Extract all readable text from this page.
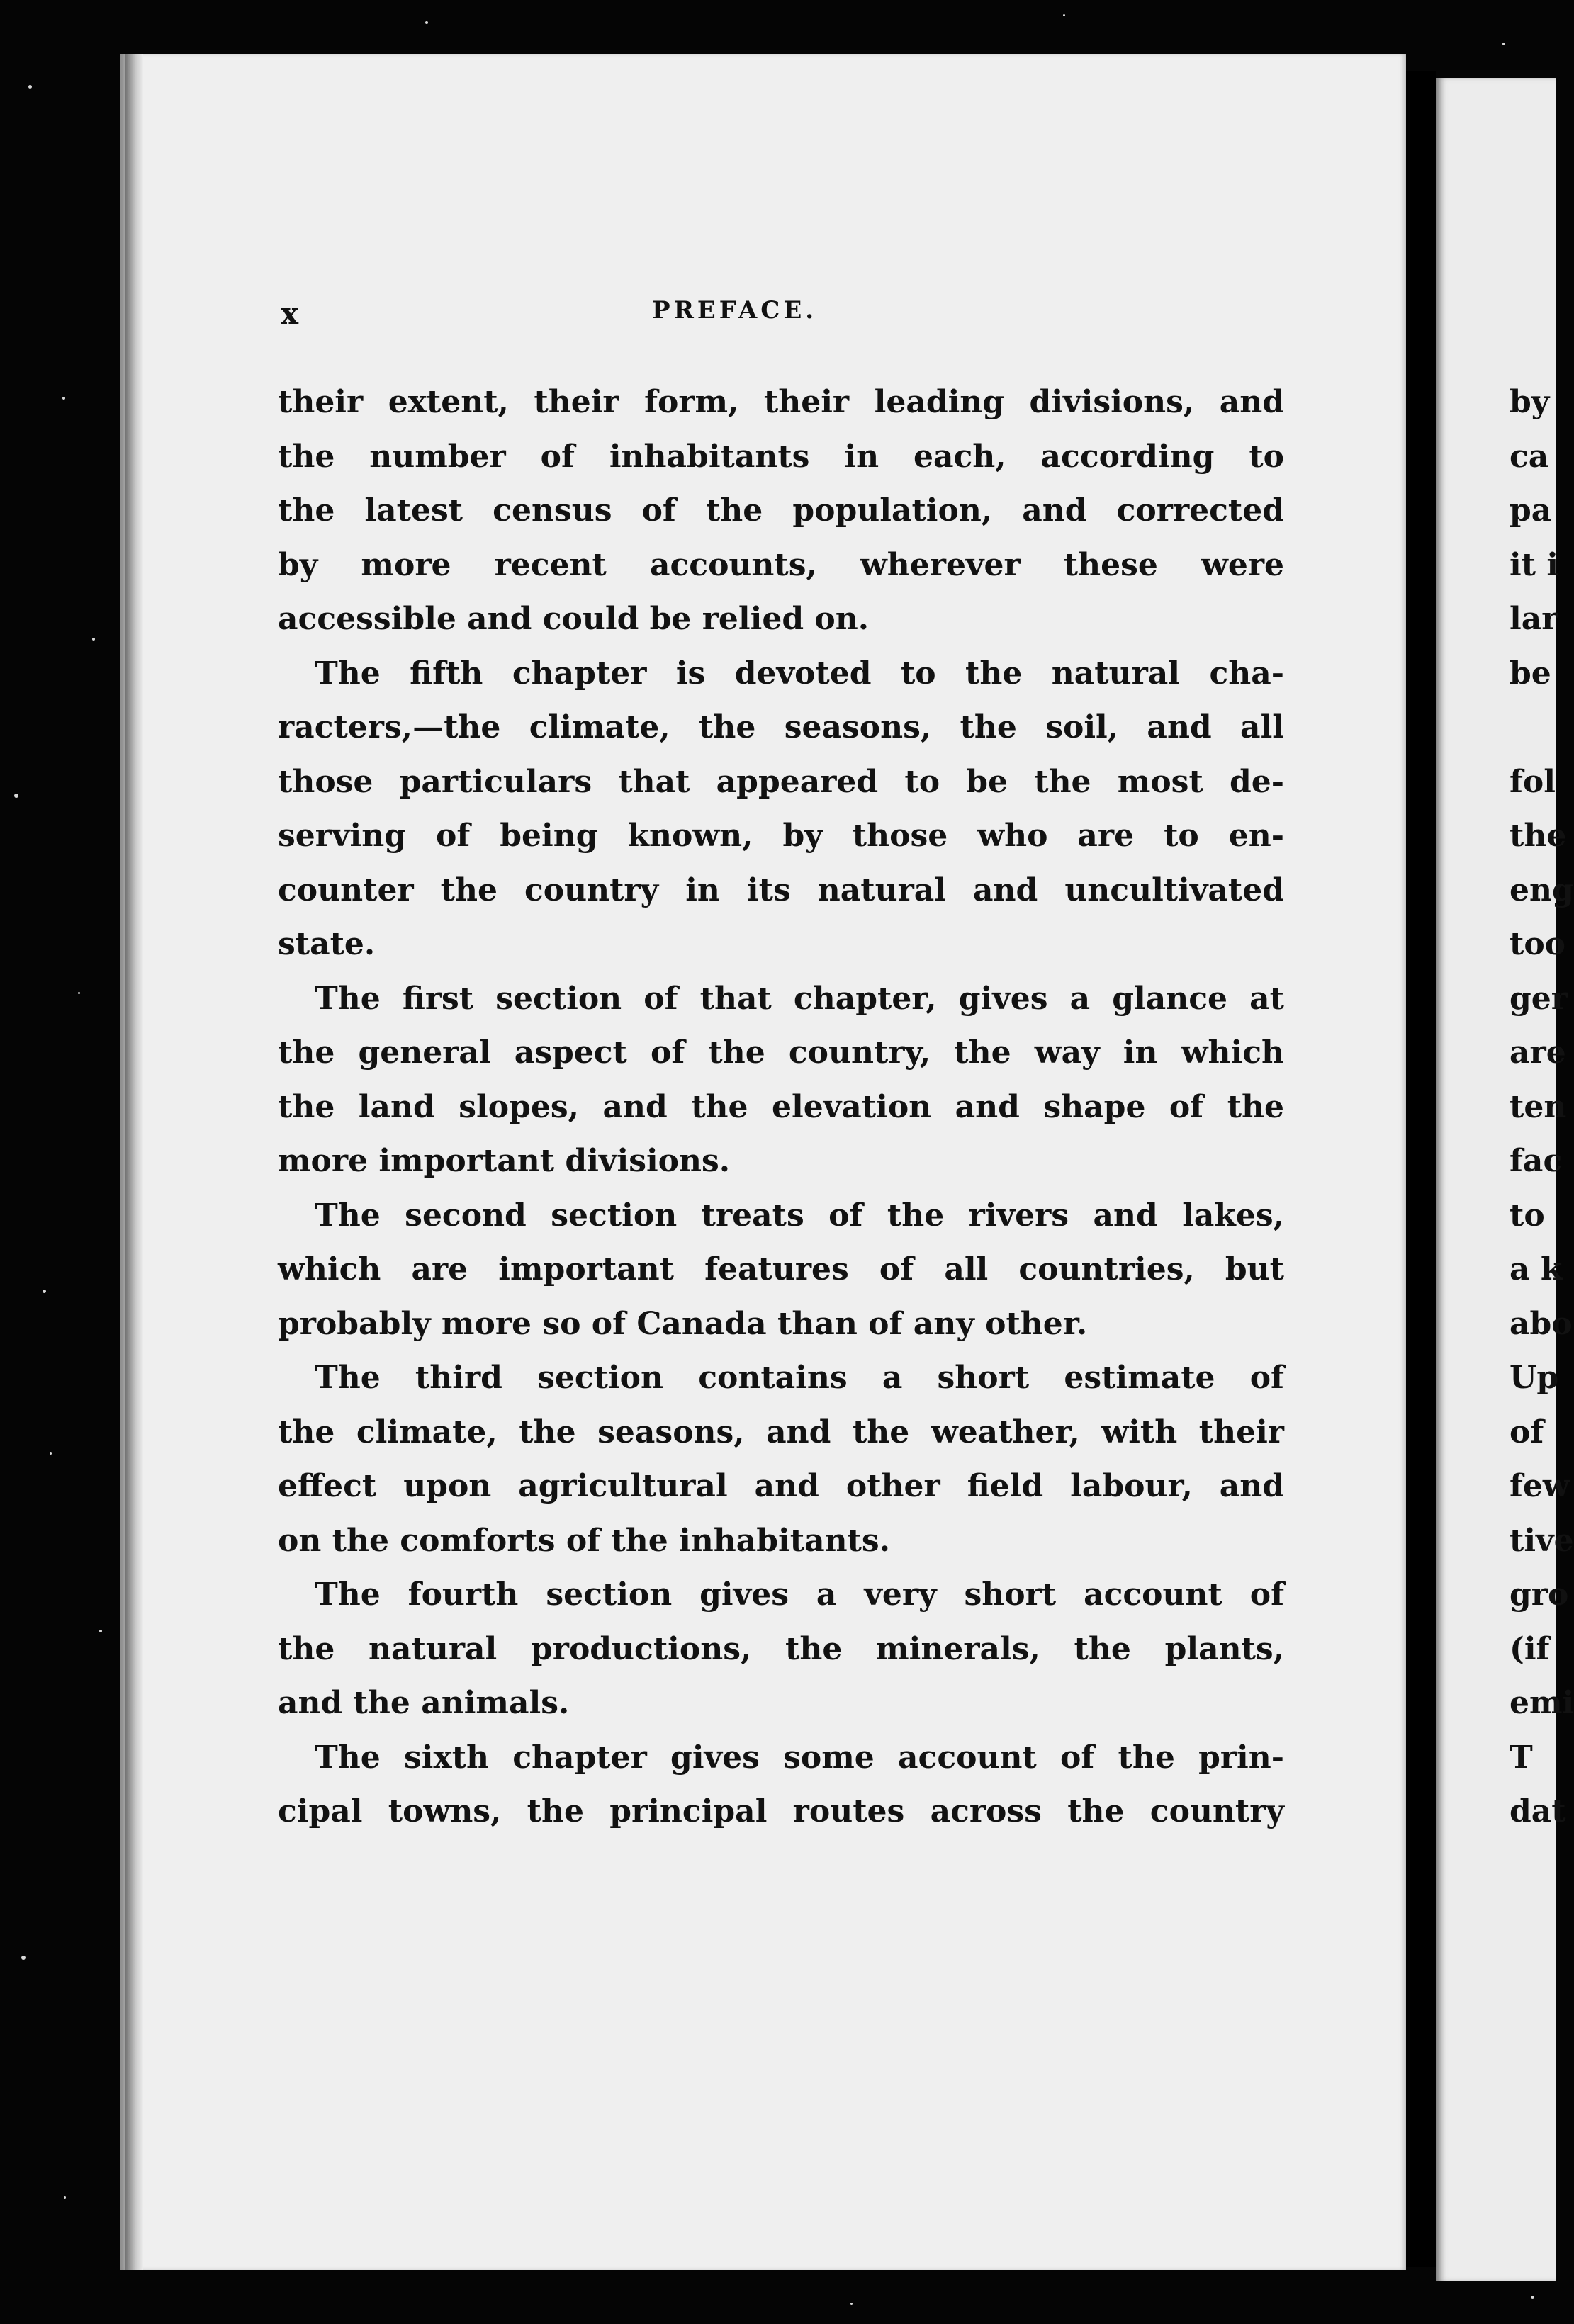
x	PREFACE.
their extent, their form, their leading divisions, and
the number of inhabitants in each, according to
the latest census of the population, and corrected
by more recent accounts, wherever these were
accessible and could be relied on.
The fifth chapter is devoted to the natural cha-
racters,—the climate, the seasons, the soil, and all
those particulars that appeared to be the most de-
serving of being known, by those who are to en-
counter the country in its natural and uncultivated
state.
The first section of that chapter, gives a glance at
the general aspect of the country, the way in which
the land slopes, and the elevation and shape of the
more important divisions.
The second section treats of the rivers and lakes,
which are important features of all countries, but
probably more so of Canada than of any other.
The third section contains a short estimate of
the climate, the seasons, and the weather, with their
effect upon agricultural and other field labour, and
on the comforts of the inhabitants.
The fourth section gives a very short account of
the natural productions, the minerals, the plants,
and the animals.
The sixth chapter gives some account of the prin-
cipal towns, the principal routes across the country
by
ca
pa
it i
lar
be
fol
the
eng
too
ger
are
ten
fac
to
a k
abo
Up
of
few
tive
gro
(if
emi
T
dat
